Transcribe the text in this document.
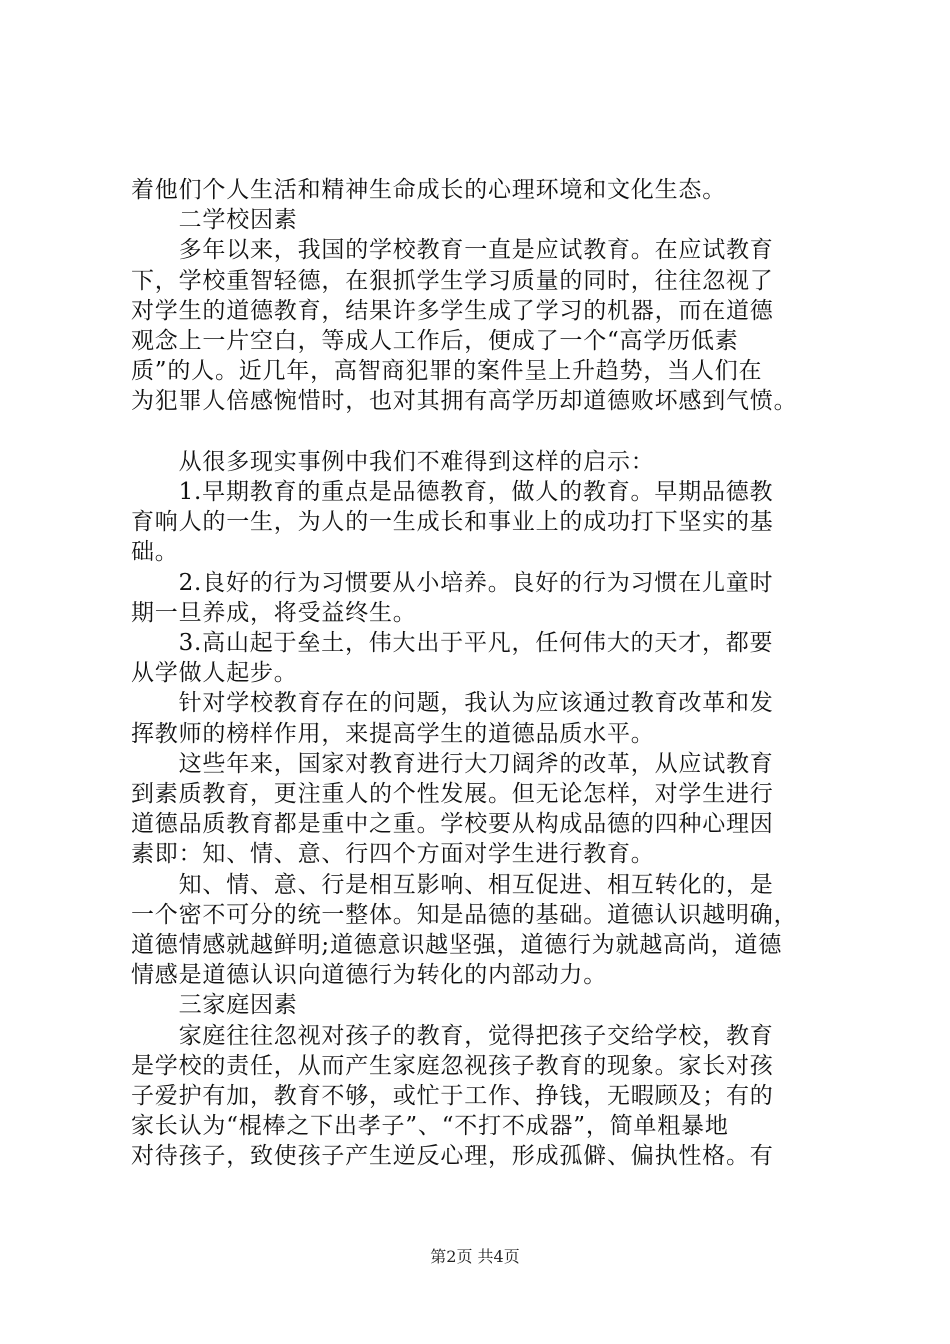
着他们个人生活和精神生命成长的心理环境和文化生态。
　　二学校因素
　　多年以来，我国的学校教育一直是应试教育。在应试教育
下，学校重智轻德，在狠抓学生学习质量的同时，往往忽视了
对学生的道德教育，结果许多学生成了学习的机器，而在道德
观念上一片空白，等成人工作后，便成了一个“高学历低素
质”的人。近几年，高智商犯罪的案件呈上升趋势，当人们在
为犯罪人倍感惋惜时，也对其拥有高学历却道德败坏感到气愤。
　　从很多现实事例中我们不难得到这样的启示：
　　1.早期教育的重点是品德教育，做人的教育。早期品德教
育响人的一生，为人的一生成长和事业上的成功打下坚实的基
础。
　　2.良好的行为习惯要从小培养。良好的行为习惯在儿童时
期一旦养成，将受益终生。
　　3.高山起于垒土，伟大出于平凡，任何伟大的天才，都要
从学做人起步。
　　针对学校教育存在的问题，我认为应该通过教育改革和发
挥教师的榜样作用，来提高学生的道德品质水平。
　　这些年来，国家对教育进行大刀阔斧的改革，从应试教育
到素质教育，更注重人的个性发展。但无论怎样，对学生进行
道德品质教育都是重中之重。学校要从构成品德的四种心理因
素即：知、情、意、行四个方面对学生进行教育。
　　知、情、意、行是相互影响、相互促进、相互转化的，是
一个密不可分的统一整体。知是品德的基础。道德认识越明确，
道德情感就越鲜明;道德意识越坚强，道德行为就越高尚，道德
情感是道德认识向道德行为转化的内部动力。
　　三家庭因素
　　家庭往往忽视对孩子的教育，觉得把孩子交给学校，教育
是学校的责任，从而产生家庭忽视孩子教育的现象。家长对孩
子爱护有加，教育不够，或忙于工作、挣钱，无暇顾及；有的
家长认为“棍棒之下出孝子”、“不打不成器”，简单粗暴地
对待孩子，致使孩子产生逆反心理，形成孤僻、偏执性格。有
第2页 共4页
